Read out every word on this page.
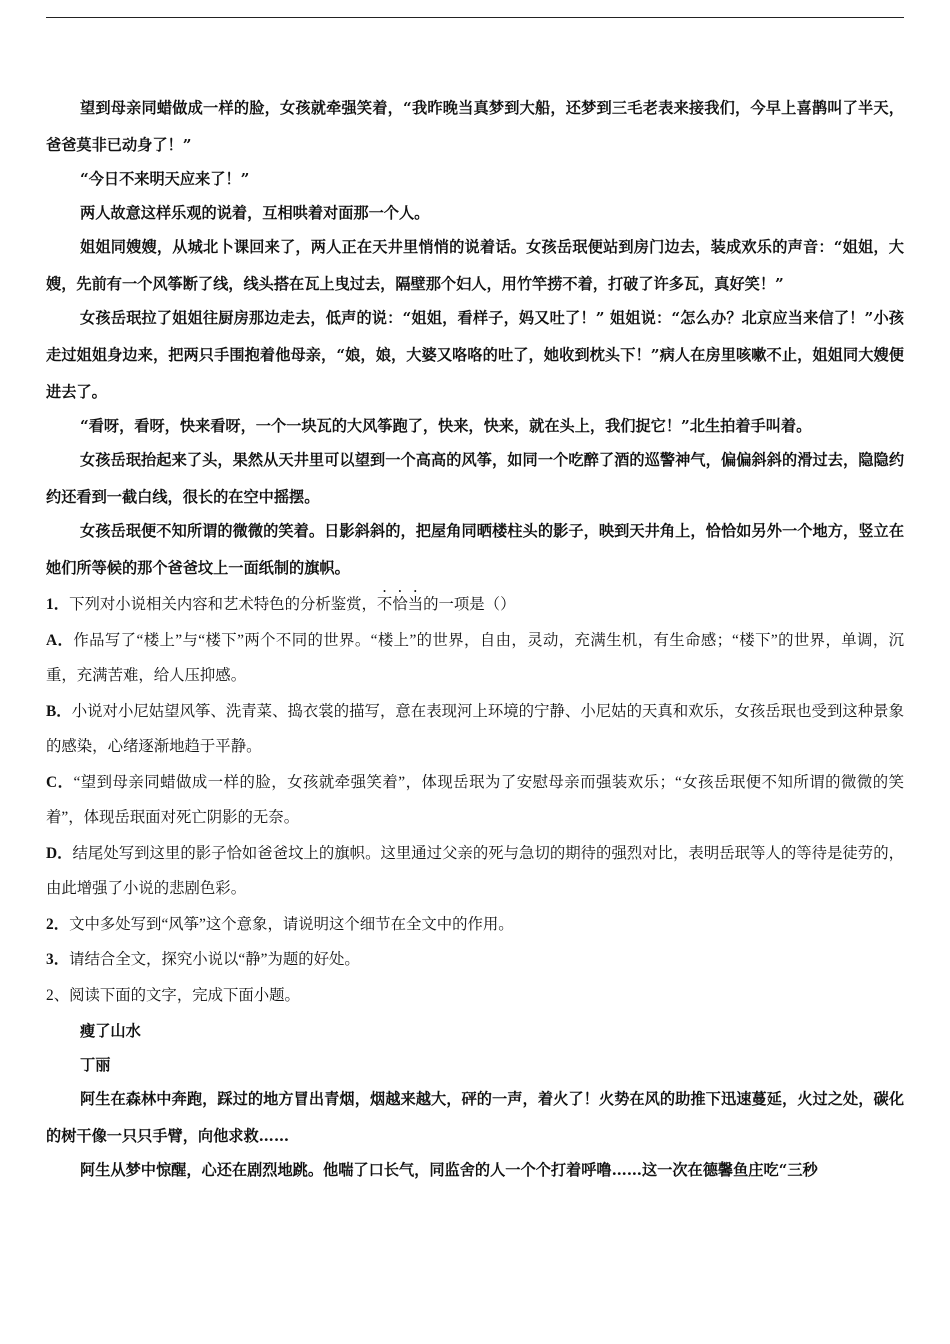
望到母亲同蜡做成一样的脸，女孩就牵强笑着，“我昨晚当真梦到大船，还梦到三毛老表来接我们，今早上喜鹊叫了半天，爸爸莫非已动身了！”

“今日不来明天应来了！”

两人故意这样乐观的说着，互相哄着对面那一个人。

姐姐同嫂嫂，从城北卜课回来了，两人正在天井里悄悄的说着话。女孩岳珉便站到房门边去，装成欢乐的声音：“姐姐，大嫂，先前有一个风筝断了线，线头搭在瓦上曳过去，隔壁那个妇人，用竹竿捞不着，打破了许多瓦，真好笑！”

女孩岳珉拉了姐姐往厨房那边走去，低声的说：“姐姐，看样子，妈又吐了！” 姐姐说：“怎么办？北京应当来信了！”小孩走过姐姐身边来，把两只手围抱着他母亲，“娘，娘，大婆又咯咯的吐了，她收到枕头下！”病人在房里咳嗽不止，姐姐同大嫂便进去了。

“看呀，看呀，快来看呀，一个一块瓦的大风筝跑了，快来，快来，就在头上，我们捉它！”北生拍着手叫着。

女孩岳珉抬起来了头，果然从天井里可以望到一个高高的风筝，如同一个吃醉了酒的巡警神气，偏偏斜斜的滑过去，隐隐约约还看到一截白线，很长的在空中摇摆。

女孩岳珉便不知所谓的微微的笑着。日影斜斜的，把屋角同晒楼柱头的影子，映到天井角上，恰恰如另外一个地方，竖立在她们所等候的那个爸爸坟上一面纸制的旗帜。

1．下列对小说相关内容和艺术特色的分析鉴赏，不恰当的一项是（）

A．作品写了“楼上”与“楼下”两个不同的世界。“楼上”的世界，自由，灵动，充满生机，有生命感；“楼下”的世界，单调，沉重，充满苦难，给人压抑感。

B．小说对小尼姑望风筝、洗青菜、捣衣裳的描写，意在表现河上环境的宁静、小尼姑的天真和欢乐，女孩岳珉也受到这种景象的感染，心绪逐渐地趋于平静。

C．“望到母亲同蜡做成一样的脸，女孩就牵强笑着”，体现岳珉为了安慰母亲而强装欢乐；“女孩岳珉便不知所谓的微微的笑着”，体现岳珉面对死亡阴影的无奈。

D．结尾处写到这里的影子恰如爸爸坟上的旗帜。这里通过父亲的死与急切的期待的强烈对比，表明岳珉等人的等待是徒劳的，由此增强了小说的悲剧色彩。

2．文中多处写到“风筝”这个意象，请说明这个细节在全文中的作用。

3．请结合全文，探究小说以“静”为题的好处。

2、阅读下面的文字，完成下面小题。

瘦了山水

丁丽

阿生在森林中奔跑，踩过的地方冒出青烟，烟越来越大，砰的一声，着火了！火势在风的助推下迅速蔓延，火过之处，碳化的树干像一只只手臂，向他求救……

阿生从梦中惊醒，心还在剧烈地跳。他喘了口长气，同监舍的人一个个打着呼噜……这一次在德馨鱼庄吃“三秒
